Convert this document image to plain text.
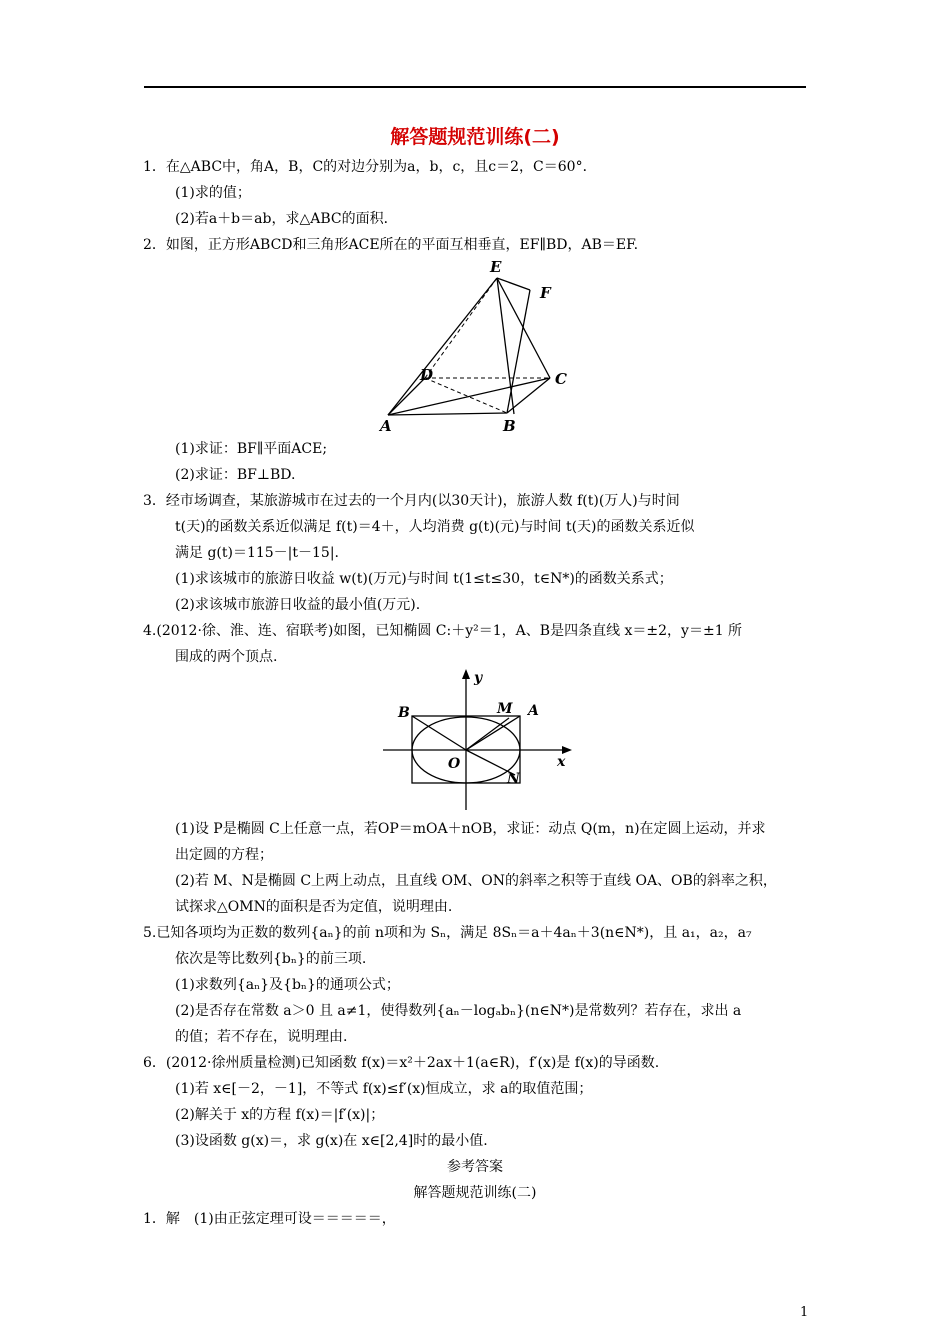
解答题规范训练(二)
1．在△ABC中，角A，B，C的对边分别为a，b，c，且c＝2，C＝60°．
(1)求的值；
(2)若a＋b＝ab，求△ABC的面积．
2．如图，正方形ABCD和三角形ACE所在的平面互相垂直，EF∥BD，AB＝EF.
E
F
D	C
A	B
(1)求证：BF∥平面ACE;
(2)求证：BF⊥BD.
3．经市场调查，某旅游城市在过去的一个月内(以30天计)，旅游人数 f(t)(万人)与时间
t(天)的函数关系近似满足 f(t)＝4＋，人均消费 g(t)(元)与时间 t(天)的函数关系近似
满足 g(t)＝115－|t－15|.
(1)求该城市的旅游日收益 w(t)(万元)与时间 t(1≤t≤30，t∈N*)的函数关系式；
(2)求该城市旅游日收益的最小值(万元).
4.(2012·徐、淮、连、宿联考)如图，已知椭圆 C:＋y²＝1，A、B是四条直线 x＝±2，y＝±1 所
围成的两个顶点.
y
M A
B
O	x
N
(1)设 P是椭圆 C上任意一点，若OP＝mOA＋nOB，求证：动点 Q(m，n)在定圆上运动，并求
出定圆的方程；
(2)若 M、N是椭圆 C上两上动点，且直线 OM、ON的斜率之积等于直线 OA、OB的斜率之积，
试探求△OMN的面积是否为定值，说明理由.
5.已知各项均为正数的数列{aₙ}的前 n项和为 Sₙ，满足 8Sₙ＝a＋4aₙ＋3(n∈N*)，且 a₁，a₂，a₇
依次是等比数列{bₙ}的前三项.
(1)求数列{aₙ}及{bₙ}的通项公式；
(2)是否存在常数 a＞0 且 a≠1，使得数列{aₙ－logₐbₙ}(n∈N*)是常数列？若存在，求出 a
的值；若不存在，说明理由.
6．(2012·徐州质量检测)已知函数 f(x)＝x²＋2ax＋1(a∈R)，f′(x)是 f(x)的导函数.
(1)若 x∈[－2，－1]，不等式 f(x)≤f′(x)恒成立，求 a的取值范围；
(2)解关于 x的方程 f(x)＝|f′(x)|；
(3)设函数 g(x)＝，求 g(x)在 x∈[2,4]时的最小值.
参考答案
解答题规范训练(二)
1．解　(1)由正弦定理可设＝＝＝＝＝，
1
